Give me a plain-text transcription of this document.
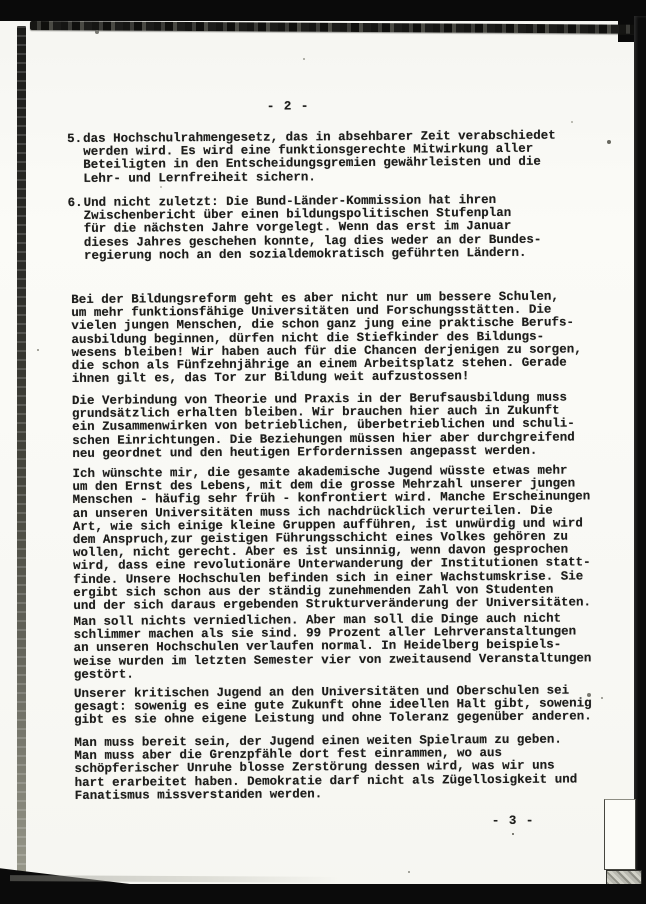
- 2 -
5. das Hochschulrahmengesetz, das in absehbarer Zeit verabschiedet
werden wird. Es wird eine funktionsgerechte Mitwirkung aller
Beteiligten in den Entscheidungsgremien gewährleisten und die
Lehr- und Lernfreiheit sichern.
6. Und nicht zuletzt: Die Bund-Länder-Kommission hat ihren
Zwischenbericht über einen bildungspolitischen Stufenplan
für die nächsten Jahre vorgelegt. Wenn das erst im Januar
dieses Jahres geschehen konnte, lag dies weder an der Bundes-
regierung noch an den sozialdemokratisch geführten Ländern.
Bei der Bildungsreform geht es aber nicht nur um bessere Schulen,
um mehr funktionsfähige Universitäten und Forschungsstätten. Die
vielen jungen Menschen, die schon ganz jung eine praktische Berufs-
ausbildung beginnen, dürfen nicht die Stiefkinder des Bildungs-
wesens bleiben! Wir haben auch für die Chancen derjenigen zu sorgen,
die schon als Fünfzehnjährige an einem Arbeitsplatz stehen. Gerade
ihnen gilt es, das Tor zur Bildung weit aufzustossen!
Die Verbindung von Theorie und Praxis in der Berufsausbildung muss
grundsätzlich erhalten bleiben. Wir brauchen hier auch in Zukunft
ein Zusammenwirken von betrieblichen, überbetrieblichen und schuli-
schen Einrichtungen. Die Beziehungen müssen hier aber durchgreifend
neu geordnet und den heutigen Erfordernissen angepasst werden.
Ich wünschte mir, die gesamte akademische Jugend wüsste etwas mehr
um den Ernst des Lebens, mit dem die grosse Mehrzahl unserer jungen
Menschen - häufig sehr früh - konfrontiert wird. Manche Erscheinungen
an unseren Universitäten muss ich nachdrücklich verurteilen. Die
Art, wie sich einige kleine Gruppen aufführen, ist unwürdig und wird
dem Anspruch,zur geistigen Führungsschicht eines Volkes gehören zu
wollen, nicht gerecht. Aber es ist unsinnig, wenn davon gesprochen
wird, dass eine revolutionäre Unterwanderung der Institutionen statt-
finde. Unsere Hochschulen befinden sich in einer Wachstumskrise. Sie
ergibt sich schon aus der ständig zunehmenden Zahl von Studenten
und der sich daraus ergebenden Strukturveränderung der Universitäten.
Man soll nichts verniedlichen. Aber man soll die Dinge auch nicht
schlimmer machen als sie sind. 99 Prozent aller Lehrveranstaltungen
an unseren Hochschulen verlaufen normal. In Heidelberg beispiels-
weise wurden im letzten Semester vier von zweitausend Veranstaltungen
gestört.
Unserer kritischen Jugend an den Universitäten und Oberschulen sei
gesagt: sowenig es eine gute Zukunft ohne ideellen Halt gibt, sowenig
gibt es sie ohne eigene Leistung und ohne Toleranz gegenüber anderen.
Man muss bereit sein, der Jugend einen weiten Spielraum zu geben.
Man muss aber die Grenzpfähle dort fest einrammen, wo aus
schöpferischer Unruhe blosse Zerstörung dessen wird, was wir uns
hart erarbeitet haben. Demokratie darf nicht als Zügellosigkeit und
Fanatismus missverstanden werden.
- 3 -
